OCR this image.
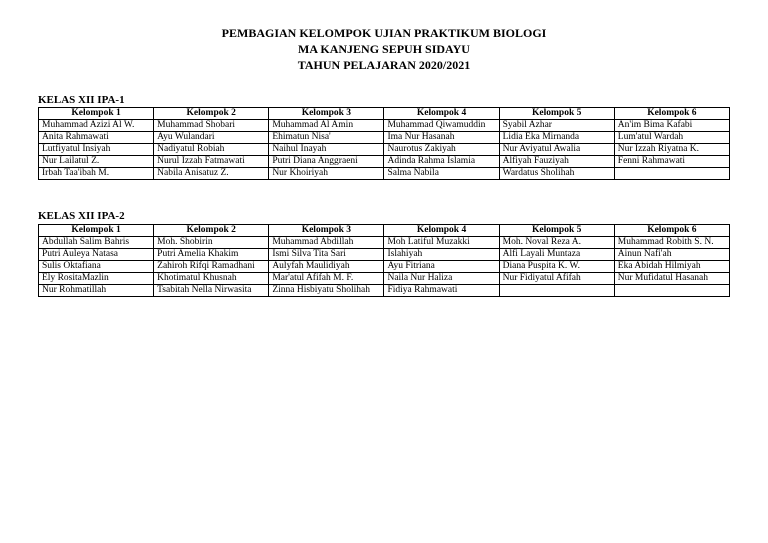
PEMBAGIAN KELOMPOK UJIAN PRAKTIKUM BIOLOGI
MA KANJENG SEPUH SIDAYU
TAHUN PELAJARAN 2020/2021
KELAS XII IPA-1
Kelompok 1	Kelompok 2	Kelompok 3	Kelompok 4	Kelompok 5	Kelompok 6
Muhammad Azizi Al W.	Muhammad Shobari	Muhammad Al Amin	Muhammad Qiwamuddin	Syabil Azhar	An'im Bima Kafabi
Anita Rahmawati	Ayu Wulandari	Ehimatun Nisa'	Ima Nur Hasanah	Lidia Eka Mirnanda	Lum'atul Wardah
Lutfiyatul Insiyah	Nadiyatul Robiah	Naihul Inayah	Naurotus Zakiyah	Nur Aviyatul Awalia	Nur Izzah Riyatna K.
Nur Lailatul Z.	Nurul Izzah Fatmawati	Putri Diana Anggraeni	Adinda Rahma Islamia	Alfiyah Fauziyah	Fenni Rahmawati
Irbah Taa'ibah M.	Nabila Anisatuz Z.	Nur Khoiriyah	Salma Nabila	Wardatus Sholihah	
KELAS XII IPA-2
Kelompok 1	Kelompok 2	Kelompok 3	Kelompok 4	Kelompok 5	Kelompok 6
Abdullah Salim Bahris	Moh. Shobirin	Muhammad Abdillah	Moh Latiful Muzakki	Moh. Noval Reza A.	Muhammad Robith S. N.
Putri Auleya Natasa	Putri Amelia Khakim	Ismi Silva Tita Sari	Islahiyah	Alfi Layali Muntaza	Ainun Nafi'ah
Sulis Oktafiana	Zahiroh Rifqi Ramadhani	Aulyfah Maulidiyah	Ayu Fitriana	Diana Puspita K. W.	Eka Abidah Hilmiyah
Ely RositaMazlin	Khotimatul Khusnah	Mar'atul Afifah M. F.	Naila Nur Haliza	Nur Fidiyatul Afifah	Nur Mufidatul Hasanah
Nur Rohmatillah	Tsabitah Nella Nirwasita	Zinna Hisbiyatu Sholihah	Fidiya Rahmawati		
